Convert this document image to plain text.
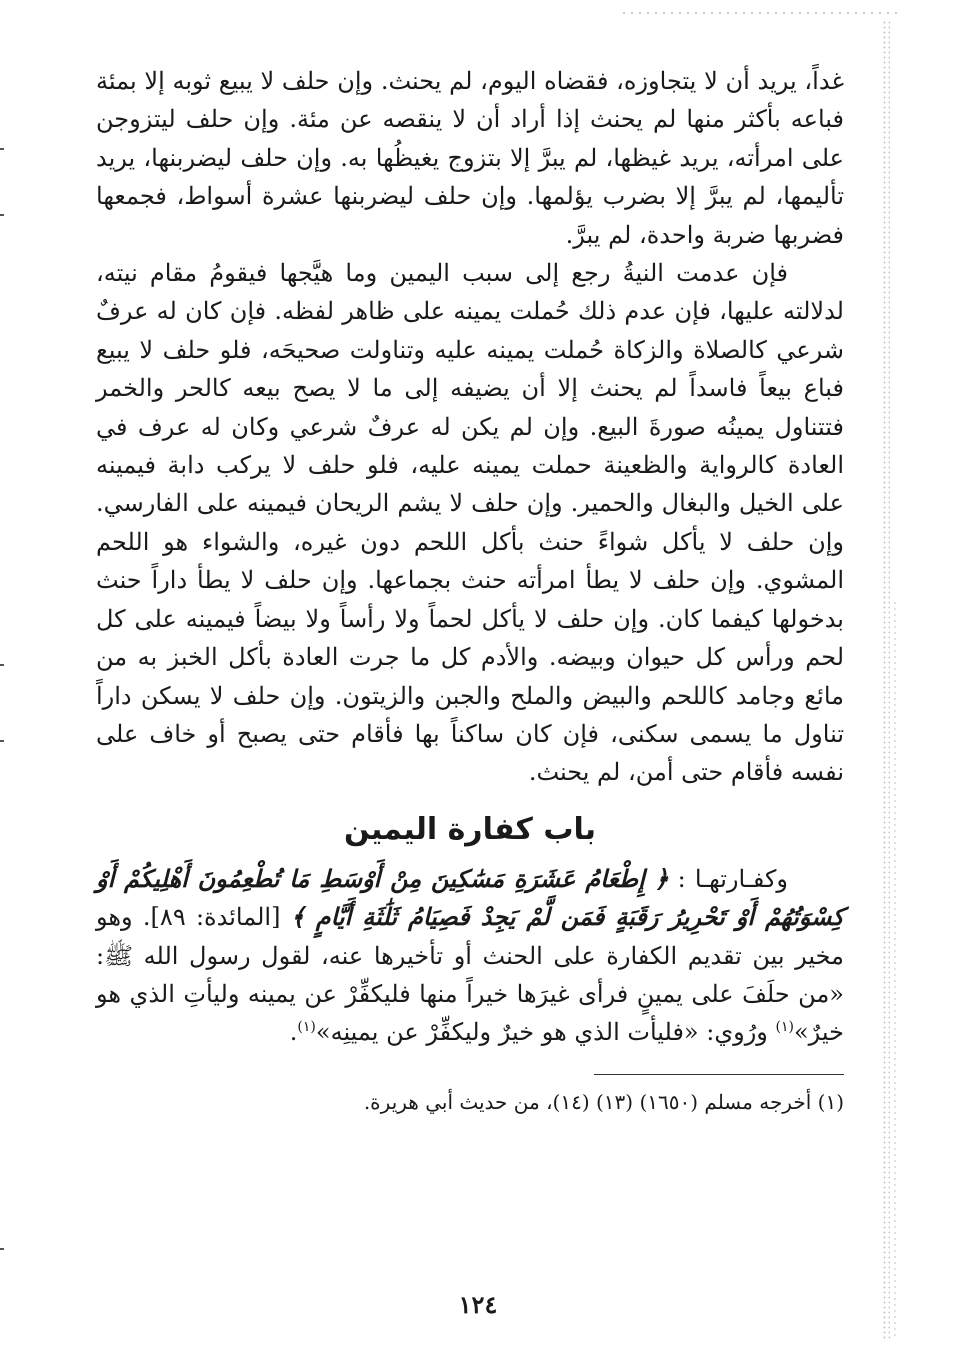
غداً، يريد أن لا يتجاوزه، فقضاه اليوم، لم يحنث. وإن حلف لا يبيع ثوبه إلا بمئة فباعه بأكثر منها لم يحنث إذا أراد أن لا ينقصه عن مئة. وإن حلف ليتزوجن على امرأته، يريد غيظها، لم يبرَّ إلا بتزوج يغيظُها به. وإن حلف ليضربنها، يريد تأليمها، لم يبرَّ إلا بضرب يؤلمها. وإن حلف ليضربنها عشرة أسواط، فجمعها فضربها ضربة واحدة، لم يبرَّ.

فإن عدمت النيةُ رجع إلى سبب اليمين وما هيَّجها فيقومُ مقام نيته، لدلالته عليها، فإن عدم ذلك حُملت يمينه على ظاهر لفظه. فإن كان له عرفٌ شرعي كالصلاة والزكاة حُملت يمينه عليه وتناولت صحيحَه، فلو حلف لا يبيع فباع بيعاً فاسداً لم يحنث إلا أن يضيفه إلى ما لا يصح بيعه كالحر والخمر فتتناول يمينُه صورةَ البيع. وإن لم يكن له عرفٌ شرعي وكان له عرف في العادة كالرواية والظعينة حملت يمينه عليه، فلو حلف لا يركب دابة فيمينه على الخيل والبغال والحمير. وإن حلف لا يشم الريحان فيمينه على الفارسي. وإن حلف لا يأكل شواءً حنث بأكل اللحم دون غيره، والشواء هو اللحم المشوي. وإن حلف لا يطأ امرأته حنث بجماعها. وإن حلف لا يطأ داراً حنث بدخولها كيفما كان. وإن حلف لا يأكل لحماً ولا رأساً ولا بيضاً فيمينه على كل لحم ورأس كل حيوان وبيضه. والأدم كل ما جرت العادة بأكل الخبز به من مائع وجامد كاللحم والبيض والملح والجبن والزيتون. وإن حلف لا يسكن داراً تناول ما يسمى سكنى، فإن كان ساكناً بها فأقام حتى يصبح أو خاف على نفسه فأقام حتى أمن، لم يحنث.

باب كفارة اليمين

وكفـارتهـا : ﴿ إِطْعَامُ عَشَرَةِ مَسَٰكِينَ مِنْ أَوْسَطِ مَا تُطْعِمُونَ أَهْلِيكُمْ أَوْ كِسْوَتُهُمْ أَوْ تَحْرِيرُ رَقَبَةٍ فَمَن لَّمْ يَجِدْ فَصِيَامُ ثَلَٰثَةِ أَيَّامٍ ﴾ [المائدة: ٨٩]. وهو مخير بين تقديم الكفارة على الحنث أو تأخيرها عنه، لقول رسول الله ﷺ: «من حلَفَ على يمينٍ فرأى غيرَها خيراً منها فليكفِّرْ عن يمينه وليأتِ الذي هو خيرٌ»$^{(١)}$ ورُوي: «فليأت الذي هو خيرٌ وليكفِّرْ عن يمينِه»$^{(١)}$.

(١) أخرجه مسلم (١٦٥٠) (١٣) (١٤)، من حديث أبي هريرة.
١٢٤
